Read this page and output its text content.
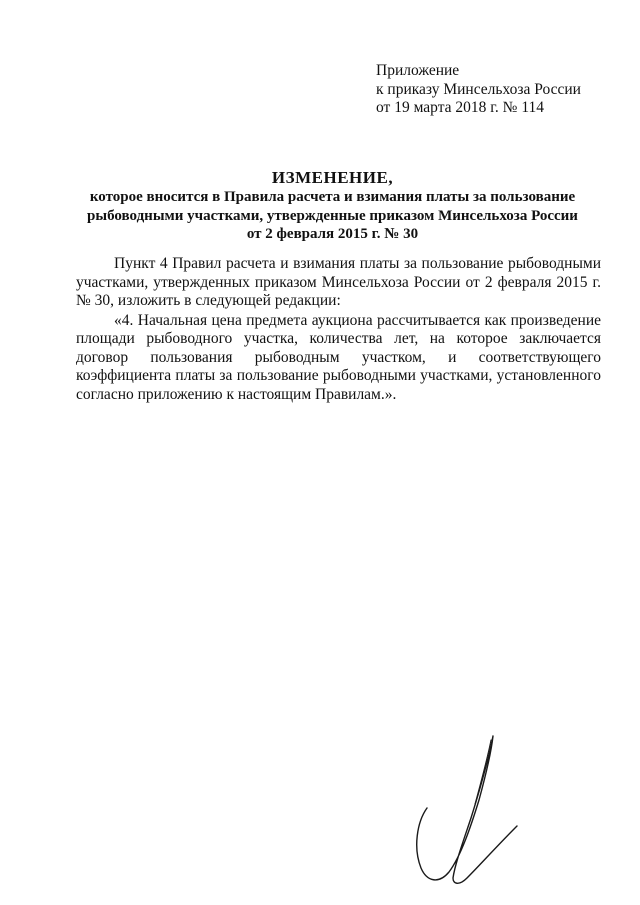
Приложение
к приказу Минсельхоза России
от 19 марта 2018 г. № 114
ИЗМЕНЕНИЕ,
которое вносится в Правила расчета и взимания платы за пользование
рыбоводными участками, утвержденные приказом Минсельхоза России
от 2 февраля 2015 г. № 30

Пункт 4 Правил расчета и взимания платы за пользование рыбоводными участками, утвержденных приказом Минсельхоза России от 2 февраля 2015 г. № 30, изложить в следующей редакции:

«4. Начальная цена предмета аукциона рассчитывается как произведение площади рыбоводного участка, количества лет, на которое заключается договор пользования рыбоводным участком, и соответствующего коэффициента платы за пользование рыбоводными участками, установленного согласно приложению к настоящим Правилам.».
